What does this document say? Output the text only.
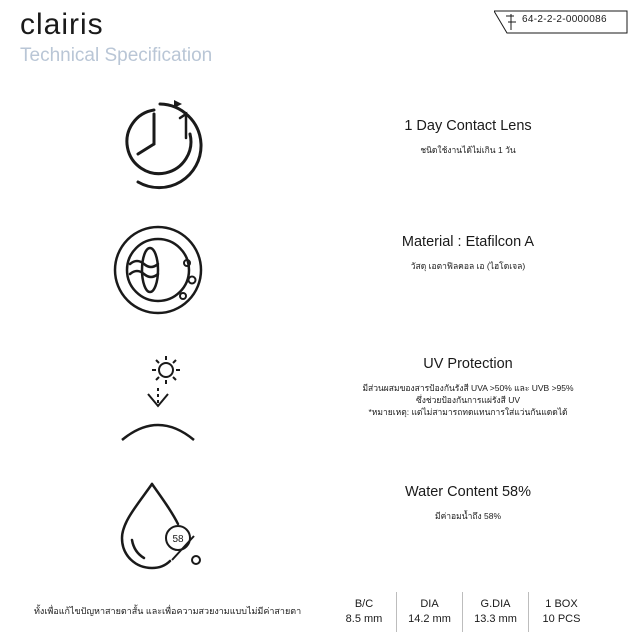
clairis
Technical Specification
64-2-2-2-0000086
1 Day Contact Lens
ชนิดใช้งานได้ไม่เกิน 1 วัน
Material : Etafilcon A
วัสดุ เอตาฟิลคอล เอ (ไฮโดเจล)
UV Protection
มีส่วนผสมของสารป้องกันรังสี UVA >50% และ UVB >95%
ซึ่งช่วยป้องกันการแผ่รังสี UV
*หมายเหตุ: แต่ไม่สามารถทดแทนการใส่แว่นกันแดดได้
58
Water Content 58%
มีค่าอมน้ำถึง 58%
ทั้งเพื่อแก้ไขปัญหาสายตาสั้น และเพื่อความสวยงามแบบไม่มีค่าสายตา
B/C
8.5 mm
DIA
14.2 mm
G.DIA
13.3 mm
1 BOX
10 PCS
